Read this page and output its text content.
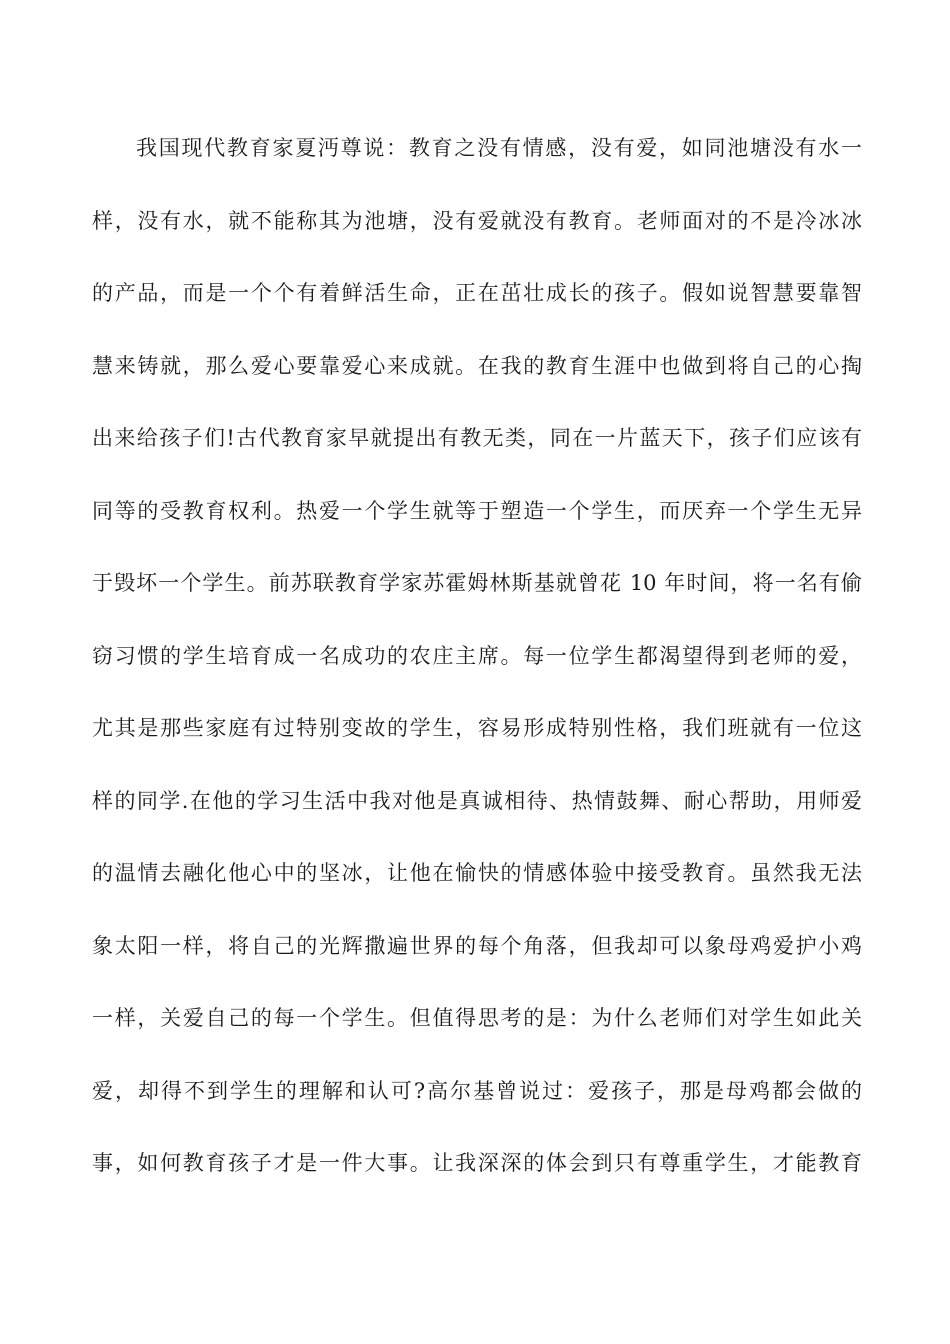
我国现代教育家夏沔尊说：教育之没有情感，没有爱，如同池塘没有水一
样，没有水，就不能称其为池塘，没有爱就没有教育。老师面对的不是冷冰冰
的产品，而是一个个有着鲜活生命，正在茁壮成长的孩子。假如说智慧要靠智
慧来铸就，那么爱心要靠爱心来成就。在我的教育生涯中也做到将自己的心掏
出来给孩子们!古代教育家早就提出有教无类，同在一片蓝天下，孩子们应该有
同等的受教育权利。热爱一个学生就等于塑造一个学生，而厌弃一个学生无异
于毁坏一个学生。前苏联教育学家苏霍姆林斯基就曾花 10 年时间，将一名有偷
窃习惯的学生培育成一名成功的农庄主席。每一位学生都渴望得到老师的爱，
尤其是那些家庭有过特别变故的学生，容易形成特别性格，我们班就有一位这
样的同学.在他的学习生活中我对他是真诚相待、热情鼓舞、耐心帮助，用师爱
的温情去融化他心中的坚冰，让他在愉快的情感体验中接受教育。虽然我无法
象太阳一样，将自己的光辉撒遍世界的每个角落，但我却可以象母鸡爱护小鸡
一样，关爱自己的每一个学生。但值得思考的是：为什么老师们对学生如此关
爱，却得不到学生的理解和认可?高尔基曾说过：爱孩子，那是母鸡都会做的
事，如何教育孩子才是一件大事。让我深深的体会到只有尊重学生，才能教育
